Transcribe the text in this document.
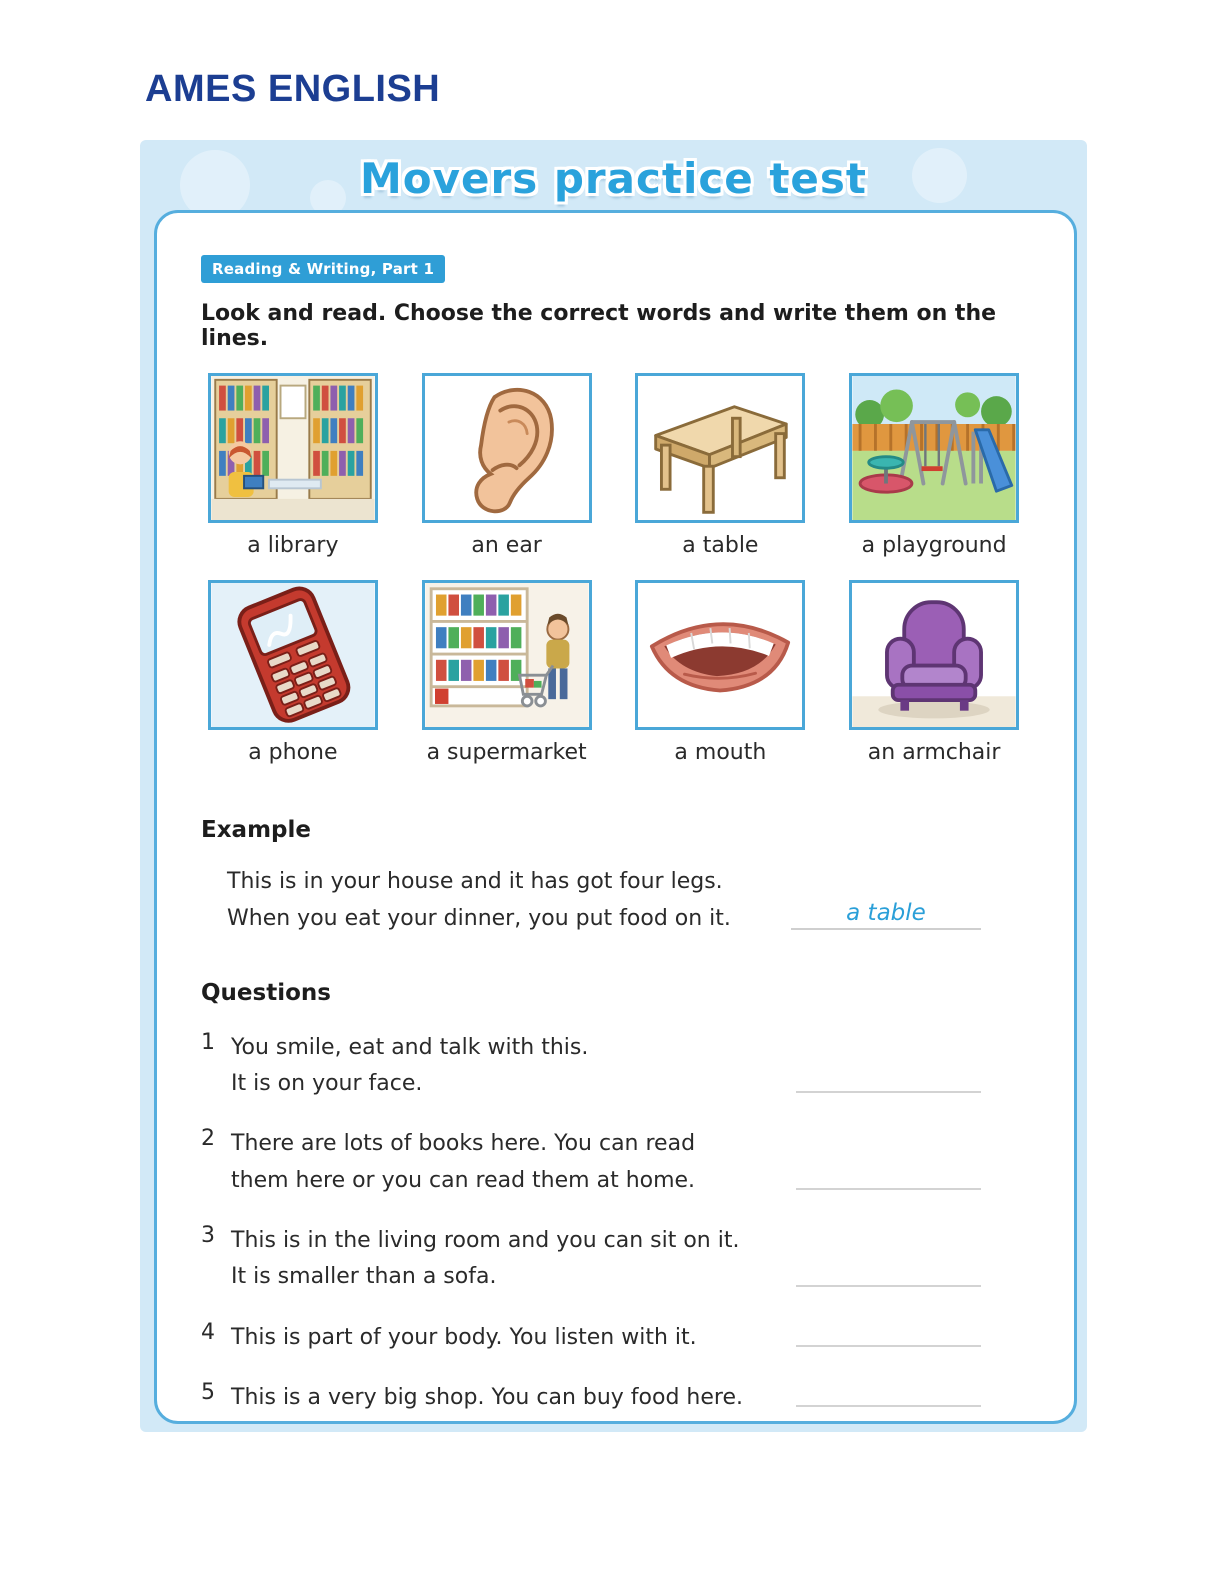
AMES ENGLISH
Movers practice test
Reading & Writing, Part 1
Look and read. Choose the correct words and write them on the lines.
a library	an ear	a table	a playground
a phone	a supermarket	a mouth	an armchair
Example
This is in your house and it has got four legs.
When you eat your dinner, you put food on it.	a table
Questions
1 You smile, eat and talk with this.
It is on your face.
2 There are lots of books here. You can read
them here or you can read them at home.
3 This is in the living room and you can sit on it.
It is smaller than a sofa.
4 This is part of your body. You listen with it.
5 This is a very big shop. You can buy food here.
